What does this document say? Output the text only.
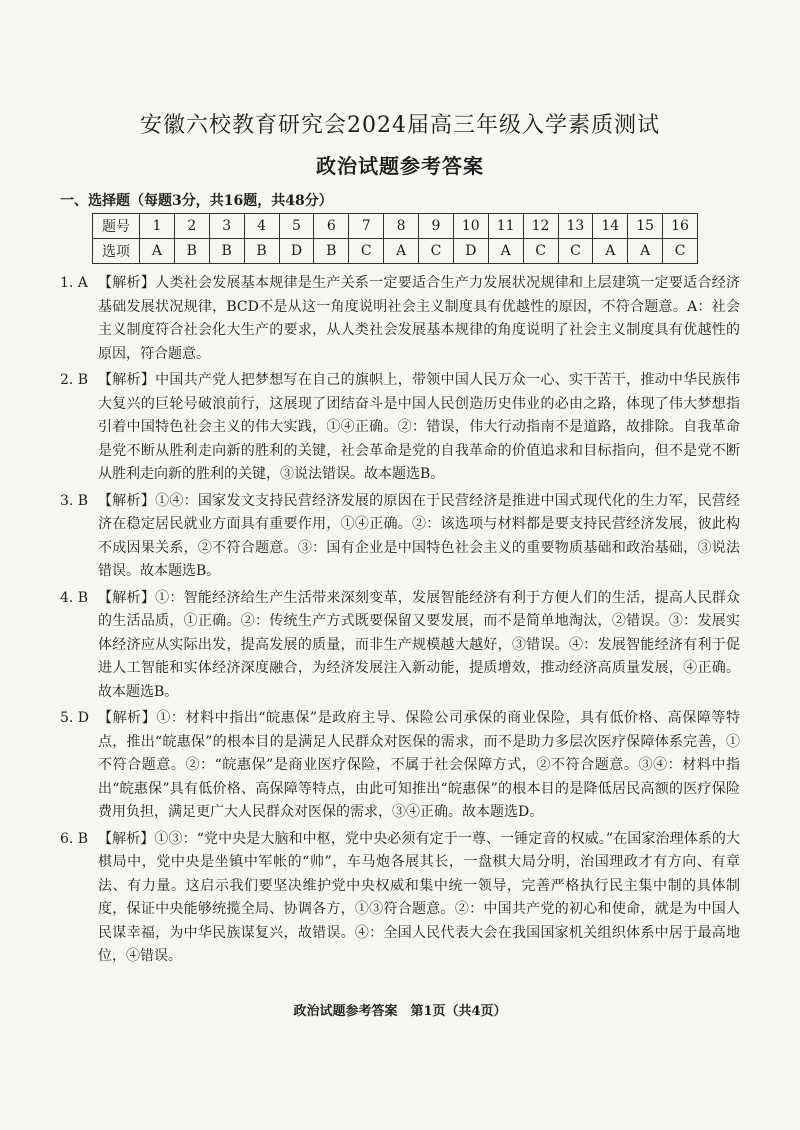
安徽六校教育研究会2024届高三年级入学素质测试
政治试题参考答案
一、选择题（每题3分，共16题，共48分）
题号	1	2	3	4	5	6	7	8	9	10	11	12	13	14	15	16
选项	A	B	B	B	D	B	C	A	C	D	A	C	C	A	A	C
1. A 【解析】人类社会发展基本规律是生产关系一定要适合生产力发展状况规律和上层建筑一定要适合经济基础发展状况规律，BCD不是从这一角度说明社会主义制度具有优越性的原因，不符合题意。A：社会主义制度符合社会化大生产的要求，从人类社会发展基本规律的角度说明了社会主义制度具有优越性的原因，符合题意。
2. B 【解析】中国共产党人把梦想写在自己的旗帜上，带领中国人民万众一心、实干苦干，推动中华民族伟大复兴的巨轮号破浪前行，这展现了团结奋斗是中国人民创造历史伟业的必由之路，体现了伟大梦想指引着中国特色社会主义的伟大实践，①④正确。②：错误，伟大行动指南不是道路，故排除。自我革命是党不断从胜利走向新的胜利的关键，社会革命是党的自我革命的价值追求和目标指向，但不是党不断从胜利走向新的胜利的关键，③说法错误。故本题选B。
3. B 【解析】①④：国家发文支持民营经济发展的原因在于民营经济是推进中国式现代化的生力军，民营经济在稳定居民就业方面具有重要作用，①④正确。②：该选项与材料都是要支持民营经济发展，彼此构不成因果关系，②不符合题意。③：国有企业是中国特色社会主义的重要物质基础和政治基础，③说法错误。故本题选B。
4. B 【解析】①：智能经济给生产生活带来深刻变革，发展智能经济有利于方便人们的生活，提高人民群众的生活品质，①正确。②：传统生产方式既要保留又要发展，而不是简单地淘汰，②错误。③：发展实体经济应从实际出发，提高发展的质量，而非生产规模越大越好，③错误。④：发展智能经济有利于促进人工智能和实体经济深度融合，为经济发展注入新动能，提质增效，推动经济高质量发展，④正确。故本题选B。
5. D 【解析】①：材料中指出“皖惠保”是政府主导、保险公司承保的商业保险，具有低价格、高保障等特点，推出“皖惠保”的根本目的是满足人民群众对医保的需求，而不是助力多层次医疗保障体系完善，①不符合题意。②：“皖惠保”是商业医疗保险，不属于社会保障方式，②不符合题意。③④：材料中指出“皖惠保”具有低价格、高保障等特点，由此可知推出“皖惠保”的根本目的是降低居民高额的医疗保险费用负担，满足更广大人民群众对医保的需求，③④正确。故本题选D。
6. B 【解析】①③：“党中央是大脑和中枢，党中央必须有定于一尊、一锤定音的权威。”在国家治理体系的大棋局中，党中央是坐镇中军帐的“帅”，车马炮各展其长，一盘棋大局分明，治国理政才有方向、有章法、有力量。这启示我们要坚决维护党中央权威和集中统一领导，完善严格执行民主集中制的具体制度，保证中央能够统揽全局、协调各方，①③符合题意。②：中国共产党的初心和使命，就是为中国人民谋幸福，为中华民族谋复兴，故错误。④：全国人民代表大会在我国国家机关组织体系中居于最高地位，④错误。
政治试题参考答案　第1页（共4页）
